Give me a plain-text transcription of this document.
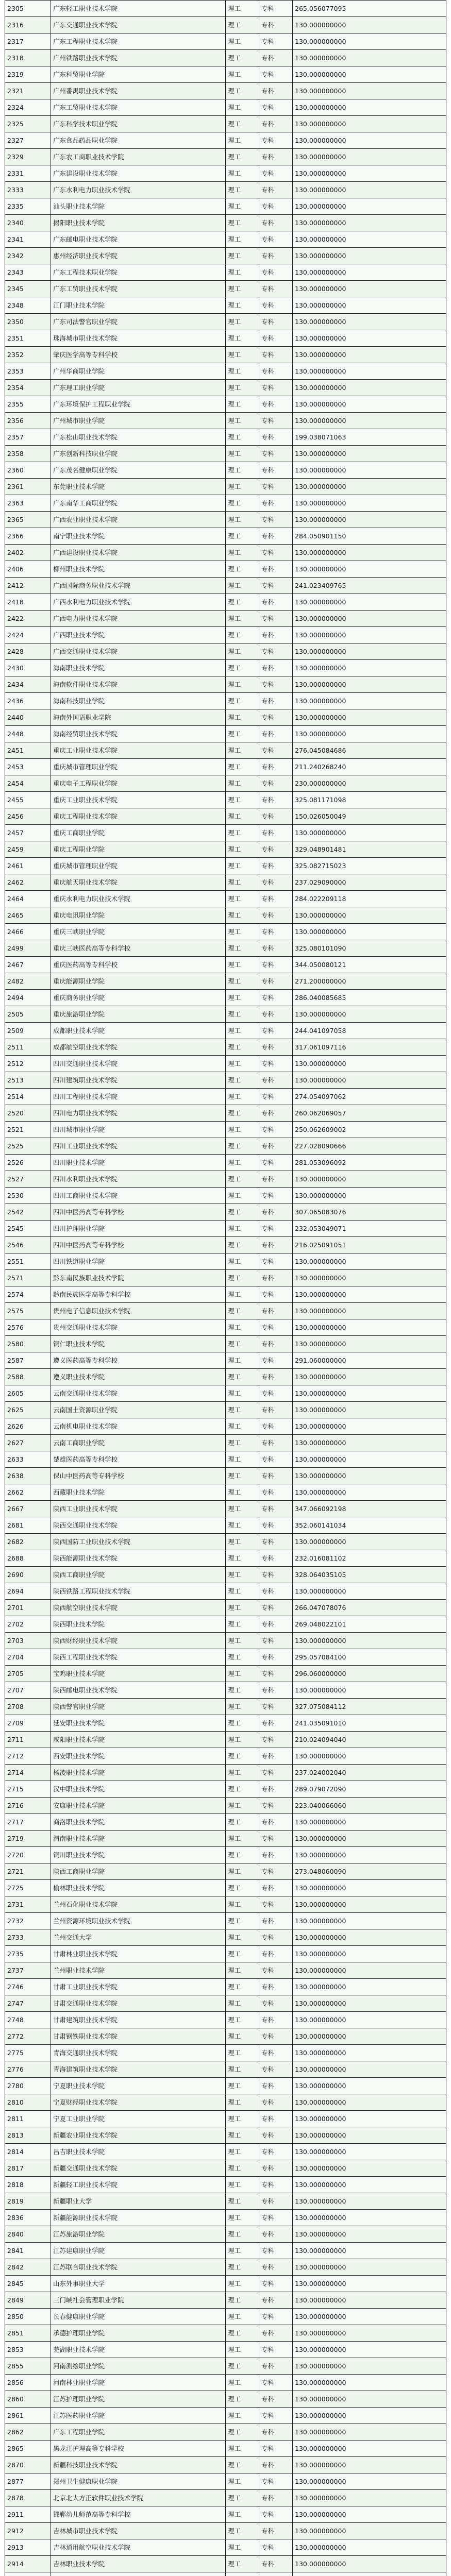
2305	广东轻工职业技术学院	理工	专科	265.056077095
2316	广东交通职业技术学院	理工	专科	130.000000000
2317	广东工程职业技术学院	理工	专科	130.000000000
2318	广州铁路职业技术学院	理工	专科	130.000000000
2319	广东科贸职业学院	理工	专科	130.000000000
2321	广州番禺职业技术学院	理工	专科	130.000000000
2324	广东工贸职业技术学院	理工	专科	130.000000000
2325	广东科学技术职业学院	理工	专科	130.000000000
2327	广东食品药品职业学院	理工	专科	130.000000000
2329	广东农工商职业技术学院	理工	专科	130.000000000
2331	广东建设职业技术学院	理工	专科	130.000000000
2333	广东水利电力职业技术学院	理工	专科	130.000000000
2335	汕头职业技术学院	理工	专科	130.000000000
2340	揭阳职业技术学院	理工	专科	130.000000000
2341	广东邮电职业技术学院	理工	专科	130.000000000
2342	惠州经济职业技术学院	理工	专科	130.000000000
2343	广东工程技术职业学院	理工	专科	130.000000000
2345	广东工贸职业技术学院	理工	专科	130.000000000
2348	江门职业技术学院	理工	专科	130.000000000
2350	广东司法警官职业学院	理工	专科	130.000000000
2351	珠海城市职业技术学院	理工	专科	130.000000000
2352	肇庆医学高等专科学校	理工	专科	130.000000000
2353	广州华商职业学院	理工	专科	130.000000000
2354	广东理工职业学院	理工	专科	130.000000000
2355	广东环境保护工程职业学院	理工	专科	130.000000000
2356	广州城市职业学院	理工	专科	130.000000000
2357	广东松山职业技术学院	理工	专科	199.038071063
2358	广东创新科技职业学院	理工	专科	130.000000000
2360	广东茂名健康职业学院	理工	专科	130.000000000
2361	东莞职业技术学院	理工	专科	130.000000000
2363	广东南华工商职业学院	理工	专科	130.000000000
2365	广西农业职业技术学院	理工	专科	130.000000000
2366	南宁职业技术学院	理工	专科	284.050901150
2402	广西建设职业技术学院	理工	专科	130.000000000
2406	柳州职业技术学院	理工	专科	130.000000000
2412	广西国际商务职业技术学院	理工	专科	241.023409765
2418	广西水利电力职业技术学院	理工	专科	130.000000000
2422	广西电力职业技术学院	理工	专科	130.000000000
2424	广西职业技术学院	理工	专科	130.000000000
2428	广西交通职业技术学院	理工	专科	130.000000000
2430	海南职业技术学院	理工	专科	130.000000000
2434	海南软件职业技术学院	理工	专科	130.000000000
2436	海南科技职业学院	理工	专科	130.000000000
2440	海南外国语职业学院	理工	专科	130.000000000
2448	海南经贸职业技术学院	理工	专科	130.000000000
2451	重庆工业职业技术学院	理工	专科	276.045084686
2453	重庆城市管理职业学院	理工	专科	211.240268240
2454	重庆电子工程职业学院	理工	专科	230.000000000
2455	重庆工业职业技术学院	理工	专科	325.081171098
2456	重庆工程职业技术学院	理工	专科	150.026050049
2457	重庆工商职业学院	理工	专科	130.000000000
2459	重庆工程职业学院	理工	专科	329.048901481
2461	重庆城市管理职业学院	理工	专科	325.082715023
2462	重庆航天职业技术学院	理工	专科	237.029090000
2464	重庆水利电力职业技术学院	理工	专科	284.022209118
2465	重庆电讯职业学院	理工	专科	130.000000000
2466	重庆三峡职业学院	理工	专科	130.000000000
2499	重庆三峡医药高等专科学校	理工	专科	325.080101090
2467	重庆医药高等专科学校	理工	专科	344.050080121
2482	重庆能源职业学院	理工	专科	271.200000000
2494	重庆商务职业学院	理工	专科	286.040085685
2505	重庆旅游职业学院	理工	专科	130.000000000
2509	成都职业技术学院	理工	专科	244.041097058
2511	成都航空职业技术学院	理工	专科	317.061097116
2512	四川交通职业技术学院	理工	专科	130.000000000
2513	四川建筑职业技术学院	理工	专科	130.000000000
2514	四川工程职业技术学院	理工	专科	274.054097062
2520	四川电力职业技术学院	理工	专科	260.062069057
2521	四川城市职业学院	理工	专科	250.062609002
2525	四川工业职业技术学院	理工	专科	227.028090666
2526	四川职业技术学院	理工	专科	281.053096092
2527	四川水利职业技术学院	理工	专科	130.000000000
2530	四川工商职业技术学院	理工	专科	130.000000000
2542	四川中医药高等专科学校	理工	专科	307.065083076
2545	四川护理职业学院	理工	专科	232.053049071
2546	四川中医药高等专科学校	理工	专科	216.025091051
2551	四川铁道职业学院	理工	专科	130.000000000
2571	黔东南民族职业技术学院	理工	专科	130.000000000
2574	黔南民族医学高等专科学校	理工	专科	130.000000000
2575	贵州电子信息职业技术学院	理工	专科	130.000000000
2576	贵州交通职业技术学院	理工	专科	130.000000000
2580	铜仁职业技术学院	理工	专科	130.000000000
2587	遵义医药高等专科学校	理工	专科	291.060000000
2588	遵义职业技术学院	理工	专科	130.000000000
2605	云南交通职业技术学院	理工	专科	130.000000000
2625	云南国土资源职业学院	理工	专科	130.000000000
2626	云南机电职业技术学院	理工	专科	130.000000000
2627	云南工商职业学院	理工	专科	130.000000000
2633	楚雄医药高等专科学校	理工	专科	130.000000000
2638	保山中医药高等专科学校	理工	专科	130.000000000
2662	西藏职业技术学院	理工	专科	130.000000000
2667	陕西工业职业技术学院	理工	专科	347.066092198
2681	陕西交通职业技术学院	理工	专科	352.060141034
2682	陕西国防工业职业技术学院	理工	专科	130.000000000
2688	陕西能源职业技术学院	理工	专科	232.016081102
2690	陕西工商职业学院	理工	专科	328.064035105
2694	陕西铁路工程职业技术学院	理工	专科	130.000000000
2701	陕西航空职业技术学院	理工	专科	266.047078076
2702	陕西职业技术学院	理工	专科	269.048022101
2703	陕西财经职业技术学院	理工	专科	130.000000000
2704	陕西工程职业技术学院	理工	专科	295.057084100
2705	宝鸡职业技术学院	理工	专科	296.060000000
2707	陕西邮电职业技术学院	理工	专科	130.000000000
2708	陕西警官职业学院	理工	专科	327.075084112
2709	延安职业技术学院	理工	专科	241.035091010
2711	咸阳职业技术学院	理工	专科	210.024094040
2712	西安职业技术学院	理工	专科	130.000000000
2714	杨凌职业技术学院	理工	专科	237.024002040
2715	汉中职业技术学院	理工	专科	289.079072090
2716	安康职业技术学院	理工	专科	223.040066060
2717	商洛职业技术学院	理工	专科	130.000000000
2719	渭南职业技术学院	理工	专科	130.000000000
2720	铜川职业技术学院	理工	专科	130.000000000
2721	陕西工商职业学院	理工	专科	273.048060090
2725	榆林职业技术学院	理工	专科	130.000000000
2731	兰州石化职业技术学院	理工	专科	130.000000000
2732	兰州资源环境职业技术学院	理工	专科	130.000000000
2733	兰州交通大学	理工	专科	130.000000000
2735	甘肃林业职业技术学院	理工	专科	130.000000000
2737	兰州职业技术学院	理工	专科	130.000000000
2746	甘肃工业职业技术学院	理工	专科	130.000000000
2747	甘肃交通职业技术学院	理工	专科	130.000000000
2748	甘肃建筑职业技术学院	理工	专科	130.000000000
2772	甘肃钢铁职业技术学院	理工	专科	130.000000000
2775	青海交通职业技术学院	理工	专科	130.000000000
2776	青海建筑职业技术学院	理工	专科	130.000000000
2780	宁夏职业技术学院	理工	专科	130.000000000
2810	宁夏财经职业技术学院	理工	专科	130.000000000
2811	宁夏工业职业学院	理工	专科	130.000000000
2813	新疆农业职业技术学院	理工	专科	130.000000000
2814	昌吉职业技术学院	理工	专科	130.000000000
2817	新疆交通职业技术学院	理工	专科	130.000000000
2818	新疆轻工职业技术学院	理工	专科	130.000000000
2819	新疆职业大学	理工	专科	130.000000000
2836	新疆能源职业技术学院	理工	专科	130.000000000
2840	江苏旅游职业学院	理工	专科	130.000000000
2841	江苏建康职业学院	理工	专科	130.000000000
2842	江苏联合职业技术学院	理工	专科	130.000000000
2845	山东外事职业大学	理工	专科	130.000000000
2849	三门峡社会管理职业学院	理工	专科	130.000000000
2850	长春健康职业学院	理工	专科	130.000000000
2851	承德护理职业学院	理工	专科	130.000000000
2853	芜湖职业技术学院	理工	专科	130.000000000
2855	河南测绘职业学院	理工	专科	130.000000000
2856	河南林业职业学院	理工	专科	130.000000000
2860	江苏护理职业学院	理工	专科	130.000000000
2861	江苏医药职业学院	理工	专科	130.000000000
2862	广东工程职业学院	理工	专科	130.000000000
2865	黑龙江护理高等专科学校	理工	专科	130.000000000
2870	新疆科技职业技术学院	理工	专科	130.000000000
2877	郑州卫生健康职业学院	理工	专科	130.000000000
2878	北京北大方正软件职业技术学院	理工	专科	130.000000000
2911	邯郸幼儿师范高等专科学校	理工	专科	130.000000000
2912	吉林城市职业技术学院	理工	专科	130.000000000
2913	吉林通用航空职业技术学院	理工	专科	130.000000000
2914	吉林职业技术学院	理工	专科	130.000000000
